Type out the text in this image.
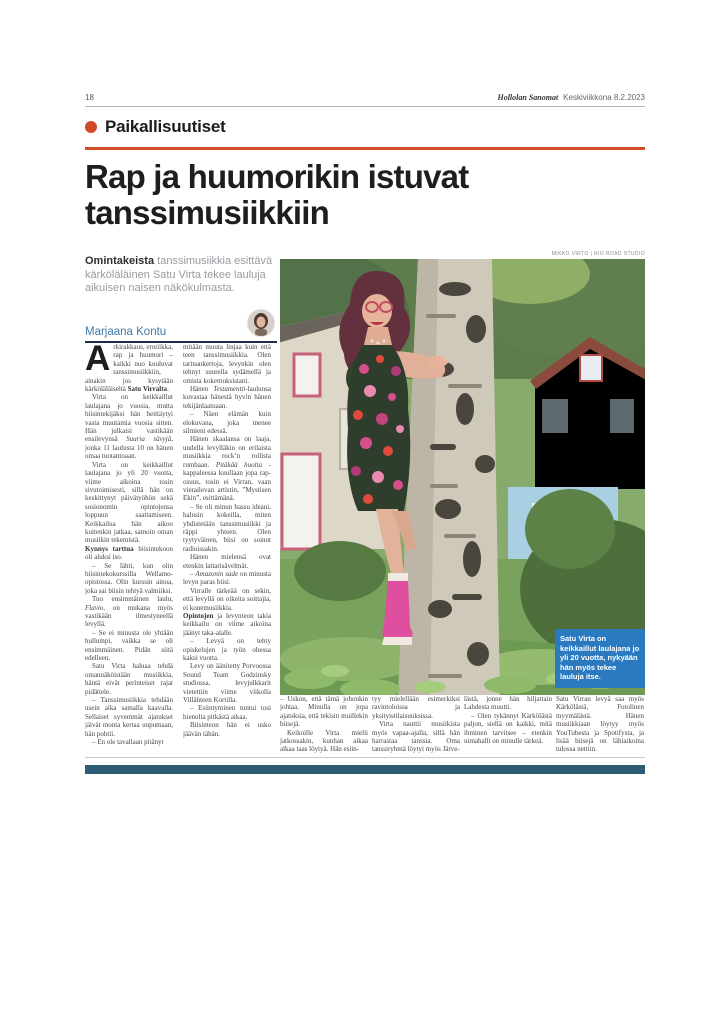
18	Hollolan Sanomat Keskiviikkona 8.2.2023
Paikallisuutiset
Rap ja huumorikin istuvat tanssimusiikkiin
Omintakeista tanssimusiikkia esittävä kärköläläinen Satu Virta tekee lauluja aikuisen naisen näkökulmasta.
Marjaana Kontu
MIKKO VIRTO | RIO ROAD STUDIO
Satu Virta on keikkaillut laulajana jo yli 20 vuotta, nykyään hän myös tekee lauluja itse.

Arkirakkaus, erotiikka, rap ja huumori – kaikki nuo kuuluvat tanssimusiikkiin, ainakin jos kysytään kärköläläiseltä Satu Virralta.

Virta on keikkaillut laulajana jo vuosia, mutta biisintekijäksi hän heittäytyi vasta muutamia vuosia sitten. Hän julkaisi vastikään ensilevynsä Suuria sävyjä, jonka 11 laulusta 10 on hänen omaa tuotantoaan.

Virta on keikkaillut laulajana jo yli 20 vuotta, viime aikoina tosin sivutoimisesti, sillä hän on keskittynyt päivätyöhön sekä sosionomin opintojensa loppuun saattamiseen. Keikkailua hän aikoo kuitenkin jatkaa, samoin oman musiikin tekemistä.

Kynnys tarttua biisintekoon oli aluksi iso.

– Se lähti, kun olin biisintekokurssilla Wellamo-opistossa. Olin kurssin ainoa, joka sai biisin tehtyä valmiiksi.

Tuo ensimmäinen laulu, Flavio, on mukana myös vastikään ilmestyneellä levyllä.

– Se ei minusta ole yhtään hullumpi, vaikka se oli ensimmäinen. Pidän siitä edelleen.

Satu Virta haluaa tehdä omannäköistään musiikkia, häntä eivät perinteiset rajat pidättele.

– Tanssimusiikkia tehdään usein aika samalla kaavalla. Sellaiset syvemmät ajatukset jäivät monta kertaa uupumaan, hän pohtii.

– En ole tavallaan pitänyt

mitään muuta linjaa kuin että teen tanssimusiikkia. Olen tarinankertoja, levynkin olen tehnyt suurella sydämellä ja omista kokemuksistani.

Hänen Testamentti-laulunsa kuvastaa hänestä hyvin hänen tekijänlaatuaan.

– Näen elämän kuin elokuvana, joka menee silmieni edessä.

Hänen skaalansa on laaja, uudella levylläkin on erilaista musiikkia rock’n rollista rumbaan. Pitäkää huolta -kappaleessa kuullaan jopa rap-osuus, tosin ei Virran, vaan vierailevan artistin, ”Mystisen Ekin”, esittämänä.

– Se oli minun hassu ideani, halusin kokeilla, miten yhdistetään tanssimusiikki ja räppi yhteen. Olen tyytyväinen, biisi on soinut radioissakin.

Hänen mielensä ovat etenkin lattarisävelmät.

– Amazonin sade on minusta levyn paras biisi.

Virralle tärkeää on sekin, että levyllä on oikeita soittajia, ei konemusiikkia.

Opintojen ja levynteon takia keikkailu on viime aikoina jäänyt taka-alalle.

– Levyä on tehty opiskelujen ja työn ohessa kaksi vuotta.

Levy on äänitetty Porvoossa Sound Team Godzinsky studiossa, levyjulkkarit vietettiin viime viikolla Villähteen Kortilla.

– Esiintyminen tuntui tosi hienolta pitkästä aikaa.

Biisinteon hän ei usko jäävän tähän.

– Uskon, että tämä johonkin johtaa. Minulla on jopa ajatuksia, että tekisin muillekin biisejä.

Keikoille Virta mielii jatkossakin, kunhan aikaa alkaa taas löytyä. Hän esiin-

tyy mielellään esimerkiksi ravintoloissa ja yksityistilaisuuksissa.

Virta nauttii musiikista myös vapaa-ajalla, sillä hän harrastaa tanssia. Oma tanssiryhmä löytyi myös Järve-

lästä, jonne hän hiljattain Lahdesta muutti.

– Olen tykännyt Kärkölästä paljon, siellä on kaikki, mitä ihminen tarvitsee – etenkin uimahalli on minulle tärkeä.

Satu Virran levyä saa myös Kärkölästä, Fotolinen myymälästä. Hänen musiikkiaan löytyy myös YouTubesta ja Spotifysta, ja lisää biisejä on lähiaikoina tulossa nettiin.
